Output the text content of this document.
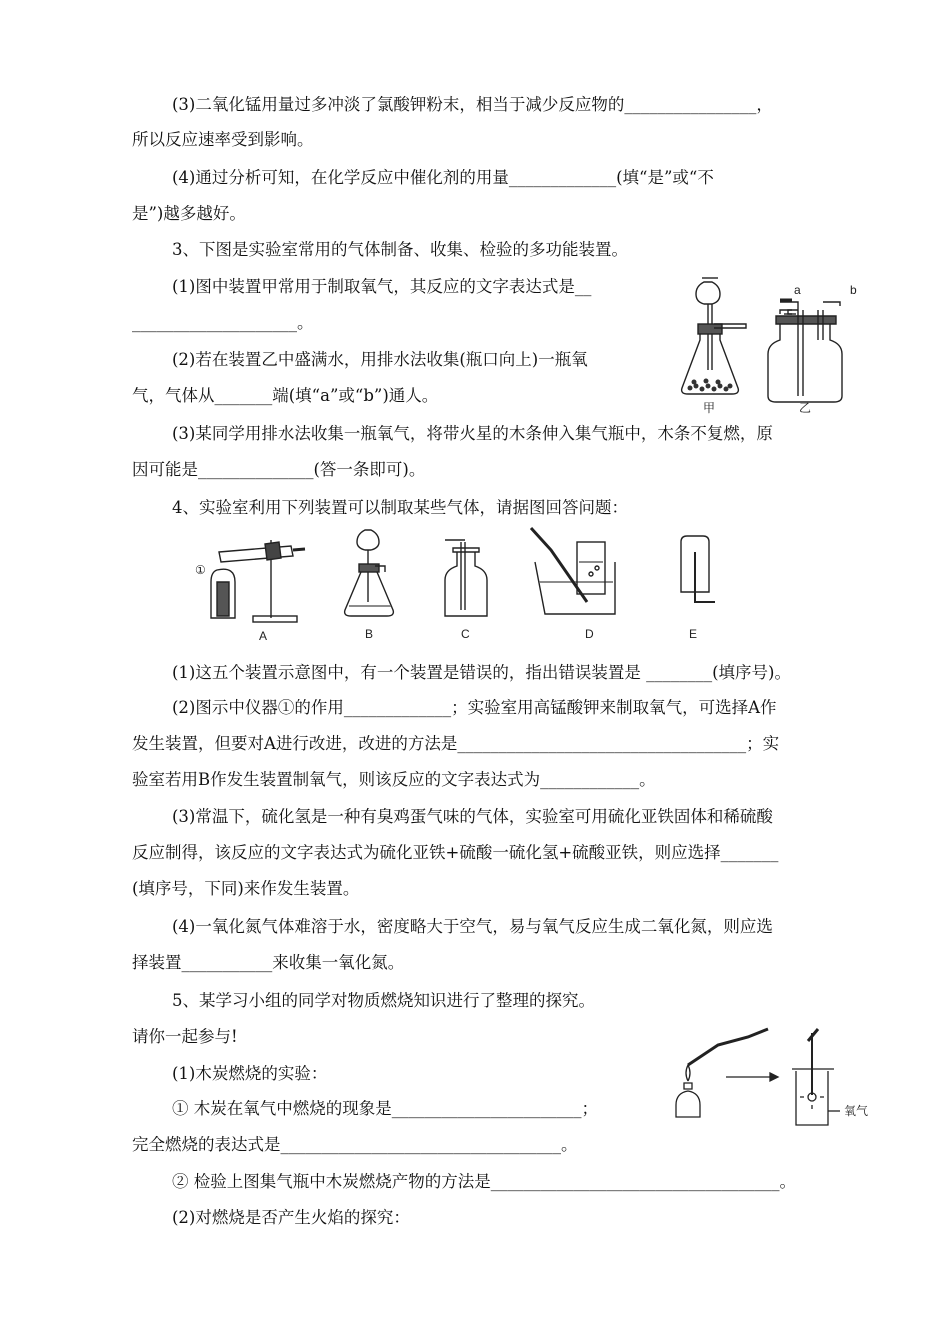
(3)二氧化锰用量过多冲淡了氯酸钾粉末，相当于减少反应物的________________，
所以反应速率受到影响。
(4)通过分析可知，在化学反应中催化剂的用量_____________(填“是”或“不
是”)越多越好。
3、下图是实验室常用的气体制备、收集、检验的多功能装置。
(1)图中装置甲常用于制取氧气，其反应的文字表达式是__
____________________。
(2)若在装置乙中盛满水，用排水法收集(瓶口向上)一瓶氧
气，气体从_______端(填“a”或“b”)通人。
(3)某同学用排水法收集一瓶氧气，将带火星的木条伸入集气瓶中，木条不复燃，原
因可能是______________(答一条即可)。
4、实验室利用下列装置可以制取某些气体，请据图回答问题：
(1)这五个装置示意图中，有一个装置是错误的，指出错误装置是 ________(填序号)。
(2)图示中仪器①的作用_____________；实验室用高锰酸钾来制取氧气，可选择A作
发生装置，但要对A进行改进，改进的方法是___________________________________；实
验室若用B作发生装置制氧气，则该反应的文字表达式为____________。
(3)常温下，硫化氢是一种有臭鸡蛋气味的气体，实验室可用硫化亚铁固体和稀硫酸
反应制得，该反应的文字表达式为硫化亚铁+硫酸一硫化氢+硫酸亚铁，则应选择_______
(填序号，下同)来作发生装置。
(4)一氧化氮气体难溶于水，密度略大于空气，易与氧气反应生成二氧化氮，则应选
择装置___________来收集一氧化氮。
5、某学习小组的同学对物质燃烧知识进行了整理的探究。
请你一起参与!
(1)木炭燃烧的实验：
① 木炭在氧气中燃烧的现象是_______________________；
完全燃烧的表达式是__________________________________。
② 检验上图集气瓶中木炭燃烧产物的方法是___________________________________。
(2)对燃烧是否产生火焰的探究：
甲
a	b
乙
①
A	B	C	D	E
氧气
